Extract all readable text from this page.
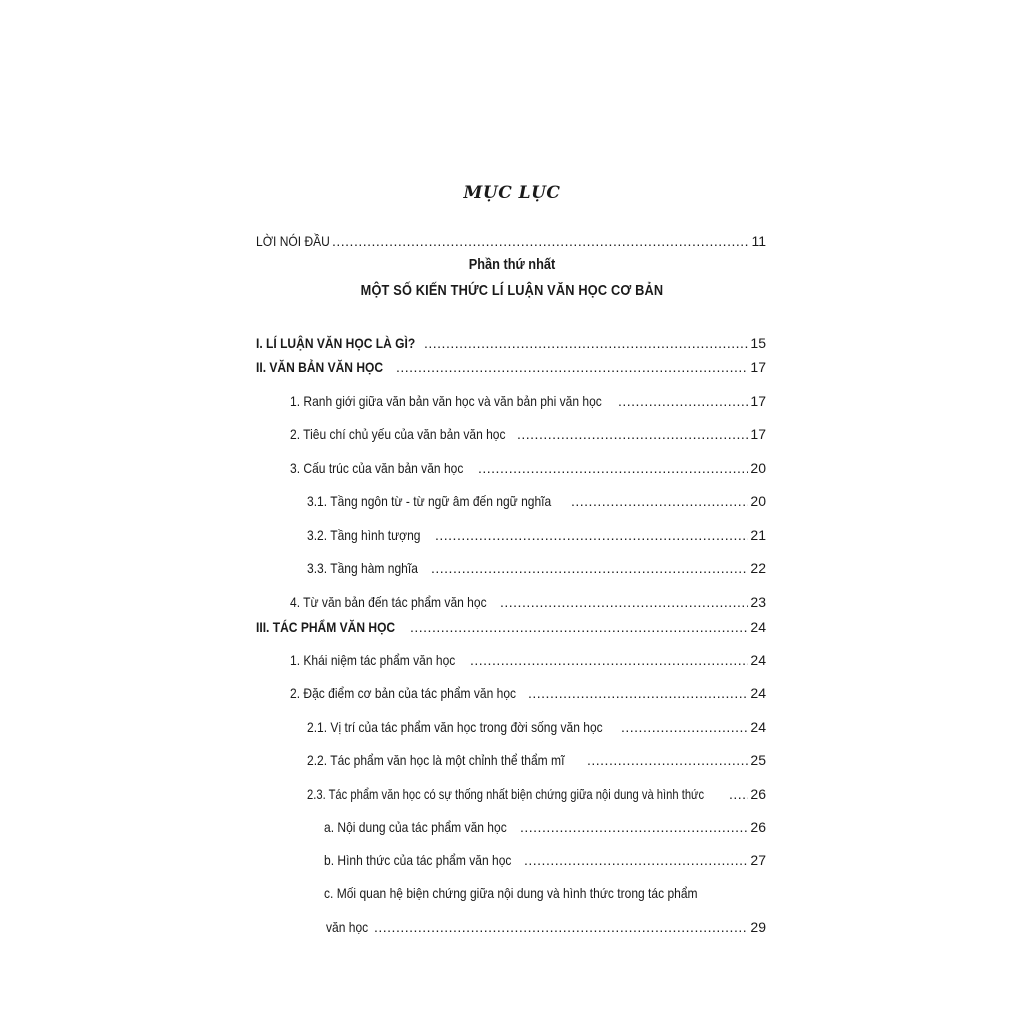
MỤC LỤC
LỜI NÓI ĐẦU .....	11
Phần thứ nhất
MỘT SỐ KIẾN THỨC LÍ LUẬN VĂN HỌC CƠ BẢN
I. LÍ LUẬN VĂN HỌC LÀ GÌ? .....	15
II. VĂN BẢN VĂN HỌC .....	17
1. Ranh giới giữa văn bản văn học và văn bản phi văn học .....	17
2. Tiêu chí chủ yếu của văn bản văn học .....	17
3. Cấu trúc của văn bản văn học .....	20
3.1. Tầng ngôn từ - từ ngữ âm đến ngữ nghĩa .....	20
3.2. Tầng hình tượng .....	21
3.3. Tầng hàm nghĩa .....	22
4. Từ văn bản đến tác phẩm văn học .....	23
III. TÁC PHẨM VĂN HỌC .....	24
1. Khái niệm tác phẩm văn học .....	24
2. Đặc điểm cơ bản của tác phẩm văn học .....	24
2.1. Vị trí của tác phẩm văn học trong đời sống văn học .....	24
2.2. Tác phẩm văn học là một chỉnh thể thẩm mĩ .....	25
2.3. Tác phẩm văn học có sự thống nhất biện chứng giữa nội dung và hình thức .....	26
a. Nội dung của tác phẩm văn học .....	26
b. Hình thức của tác phẩm văn học .....	27
c. Mối quan hệ biện chứng giữa nội dung và hình thức trong tác phẩm
văn học .....	29
